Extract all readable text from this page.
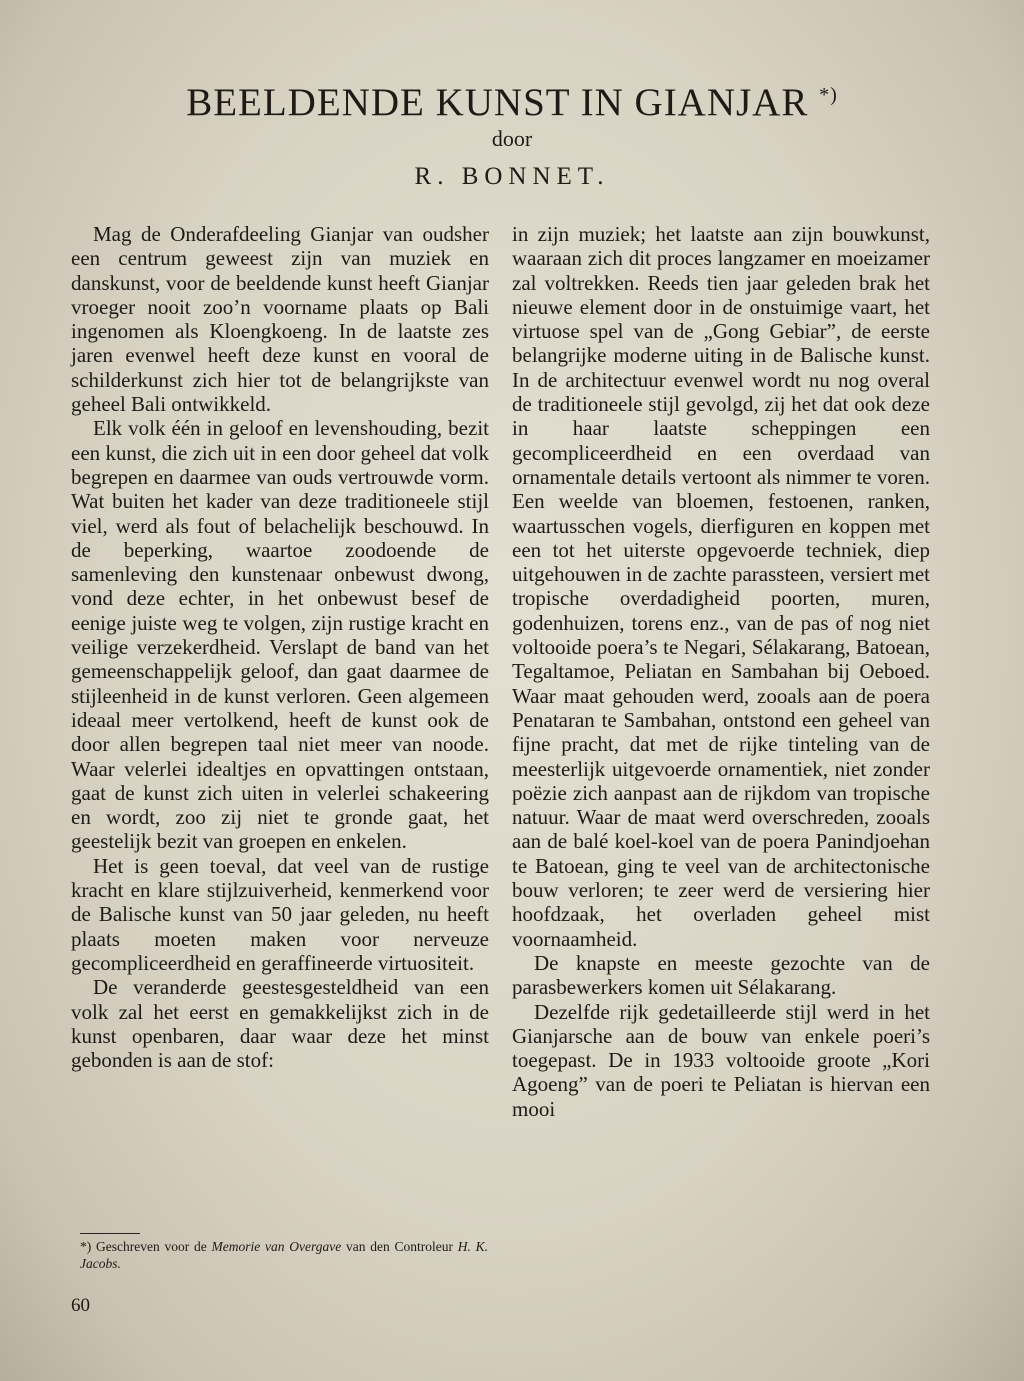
BEELDENDE KUNST IN GIANJAR *)
door
R. BONNET.

Mag de Onderafdeeling Gianjar van oudsher een centrum geweest zijn van muziek en danskunst, voor de beeldende kunst heeft Gianjar vroeger nooit zoo’n voorname plaats op Bali ingenomen als Kloengkoeng. In de laatste zes jaren evenwel heeft deze kunst en vooral de schilderkunst zich hier tot de belangrijkste van geheel Bali ontwikkeld.

Elk volk één in geloof en levenshouding, bezit een kunst, die zich uit in een door geheel dat volk begrepen en daarmee van ouds vertrouwde vorm. Wat buiten het kader van deze traditioneele stijl viel, werd als fout of belachelijk beschouwd. In de beperking, waartoe zoodoende de samenleving den kunstenaar onbewust dwong, vond deze echter, in het onbewust besef de eenige juiste weg te volgen, zijn rustige kracht en veilige verzekerdheid. Verslapt de band van het gemeenschappelijk geloof, dan gaat daarmee de stijleenheid in de kunst verloren. Geen algemeen ideaal meer vertolkend, heeft de kunst ook de door allen begrepen taal niet meer van noode. Waar velerlei idealtjes en opvattingen ontstaan, gaat de kunst zich uiten in velerlei schakeering en wordt, zoo zij niet te gronde gaat, het geestelijk bezit van groepen en enkelen.

Het is geen toeval, dat veel van de rustige kracht en klare stijlzuiverheid, kenmerkend voor de Balische kunst van 50 jaar geleden, nu heeft plaats moeten maken voor nerveuze gecompliceerdheid en geraffineerde virtuositeit.

De veranderde geestesgesteldheid van een volk zal het eerst en gemakkelijkst zich in de kunst openbaren, daar waar deze het minst gebonden is aan de stof:

in zijn muziek; het laatste aan zijn bouwkunst, waaraan zich dit proces langzamer en moeizamer zal voltrekken. Reeds tien jaar geleden brak het nieuwe element door in de onstuimige vaart, het virtuose spel van de „Gong Gebiar”, de eerste belangrijke moderne uiting in de Balische kunst. In de architectuur evenwel wordt nu nog overal de traditioneele stijl gevolgd, zij het dat ook deze in haar laatste scheppingen een gecompliceerdheid en een overdaad van ornamentale details vertoont als nimmer te voren. Een weelde van bloemen, festoenen, ranken, waartusschen vogels, dierfiguren en koppen met een tot het uiterste opgevoerde techniek, diep uitgehouwen in de zachte parassteen, versiert met tropische overdadigheid poorten, muren, godenhuizen, torens enz., van de pas of nog niet voltooide poera’s te Negari, Sélakarang, Batoean, Tegaltamoe, Peliatan en Sambahan bij Oeboed. Waar maat gehouden werd, zooals aan de poera Penataran te Sambahan, ontstond een geheel van fijne pracht, dat met de rijke tinteling van de meesterlijk uitgevoerde ornamentiek, niet zonder poëzie zich aanpast aan de rijkdom van tropische natuur. Waar de maat werd overschreden, zooals aan de balé koel-koel van de poera Panindjoehan te Batoean, ging te veel van de architectonische bouw verloren; te zeer werd de versiering hier hoofdzaak, het overladen geheel mist voornaamheid.

De knapste en meeste gezochte van de parasbewerkers komen uit Sélakarang.

Dezelfde rijk gedetailleerde stijl werd in het Gianjarsche aan de bouw van enkele poeri’s toegepast. De in 1933 voltooide groote „Kori Agoeng” van de poeri te Peliatan is hiervan een mooi

*) Geschreven voor de Memorie van Overgave van den Controleur H. K. Jacobs.
60
